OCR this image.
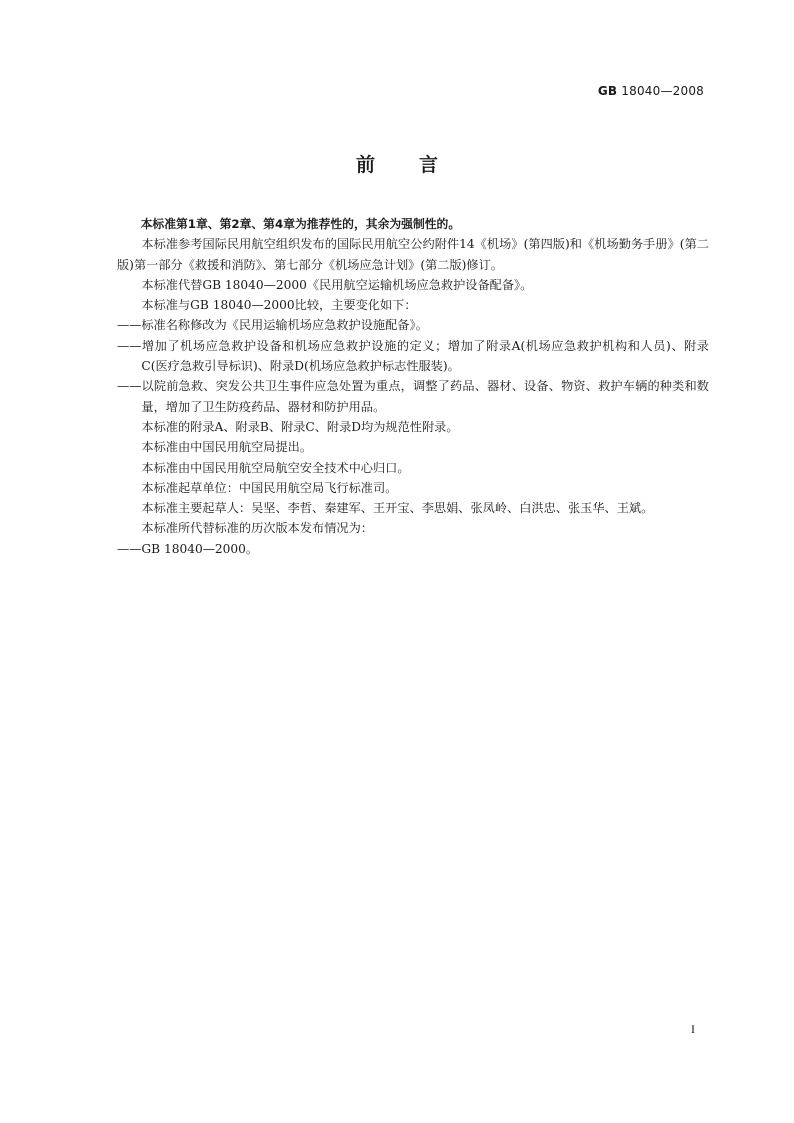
GB 18040—2008
前言

本标准第1章、第2章、第4章为推荐性的，其余为强制性的。

本标准参考国际民用航空组织发布的国际民用航空公约附件14《机场》(第四版)和《机场勤务手册》(第二版)第一部分《救援和消防》、第七部分《机场应急计划》(第二版)修订。

本标准代替GB 18040—2000《民用航空运输机场应急救护设备配备》。

本标准与GB 18040—2000比较，主要变化如下：

——标准名称修改为《民用运输机场应急救护设施配备》。

——增加了机场应急救护设备和机场应急救护设施的定义；增加了附录A(机场应急救护机构和人员)、附录C(医疗急救引导标识)、附录D(机场应急救护标志性服装)。

——以院前急救、突发公共卫生事件应急处置为重点，调整了药品、器材、设备、物资、救护车辆的种类和数量，增加了卫生防疫药品、器材和防护用品。

本标准的附录A、附录B、附录C、附录D均为规范性附录。

本标准由中国民用航空局提出。

本标准由中国民用航空局航空安全技术中心归口。

本标准起草单位：中国民用航空局飞行标准司。

本标准主要起草人：吴坚、李哲、秦建军、王开宝、李思娟、张凤岭、白洪忠、张玉华、王斌。

本标准所代替标准的历次版本发布情况为：

——GB 18040—2000。

I
